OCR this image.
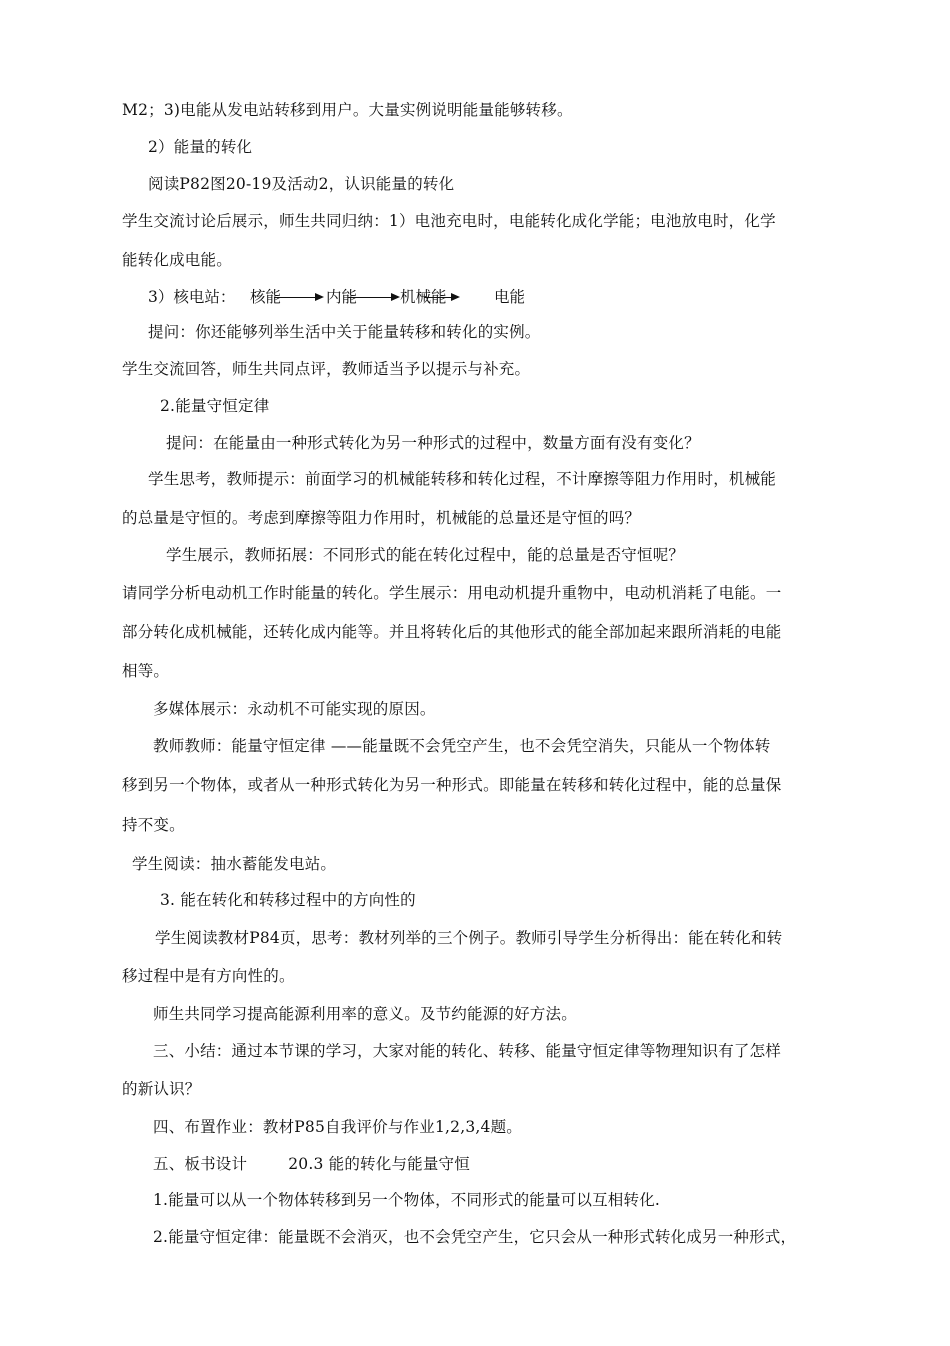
M2；3)电能从发电站转移到用户。大量实例说明能量能够转移。
2）能量的转化
阅读P82图20-19及活动2，认识能量的转化
学生交流讨论后展示，师生共同归纳：1）电池充电时，电能转化成化学能；电池放电时，化学
能转化成电能。
3）核电站： 核能	内能	机械能	电能
提问：你还能够列举生活中关于能量转移和转化的实例。
学生交流回答，师生共同点评，教师适当予以提示与补充。
2.能量守恒定律
提问：在能量由一种形式转化为另一种形式的过程中，数量方面有没有变化？
学生思考，教师提示：前面学习的机械能转移和转化过程，不计摩擦等阻力作用时，机械能
的总量是守恒的。考虑到摩擦等阻力作用时，机械能的总量还是守恒的吗？
学生展示，教师拓展：不同形式的能在转化过程中，能的总量是否守恒呢？
请同学分析电动机工作时能量的转化。学生展示：用电动机提升重物中，电动机消耗了电能。一
部分转化成机械能，还转化成内能等。并且将转化后的其他形式的能全部加起来跟所消耗的电能
相等。
多媒体展示：永动机不可能实现的原因。
教师教师：能量守恒定律 ——能量既不会凭空产生，也不会凭空消失，只能从一个物体转
移到另一个物体，或者从一种形式转化为另一种形式。即能量在转移和转化过程中，能的总量保
持不变。
学生阅读：抽水蓄能发电站。
3. 能在转化和转移过程中的方向性的
学生阅读教材P84页，思考：教材列举的三个例子。教师引导学生分析得出：能在转化和转
移过程中是有方向性的。
师生共同学习提高能源利用率的意义。及节约能源的好方法。
三、小结：通过本节课的学习，大家对能的转化、转移、能量守恒定律等物理知识有了怎样
的新认识？
四、布置作业：教材P85自我评价与作业1,2,3,4题。
五、板书设计        20.3 能的转化与能量守恒
1.能量可以从一个物体转移到另一个物体，不同形式的能量可以互相转化.
2.能量守恒定律：能量既不会消灭，也不会凭空产生，它只会从一种形式转化成另一种形式，
